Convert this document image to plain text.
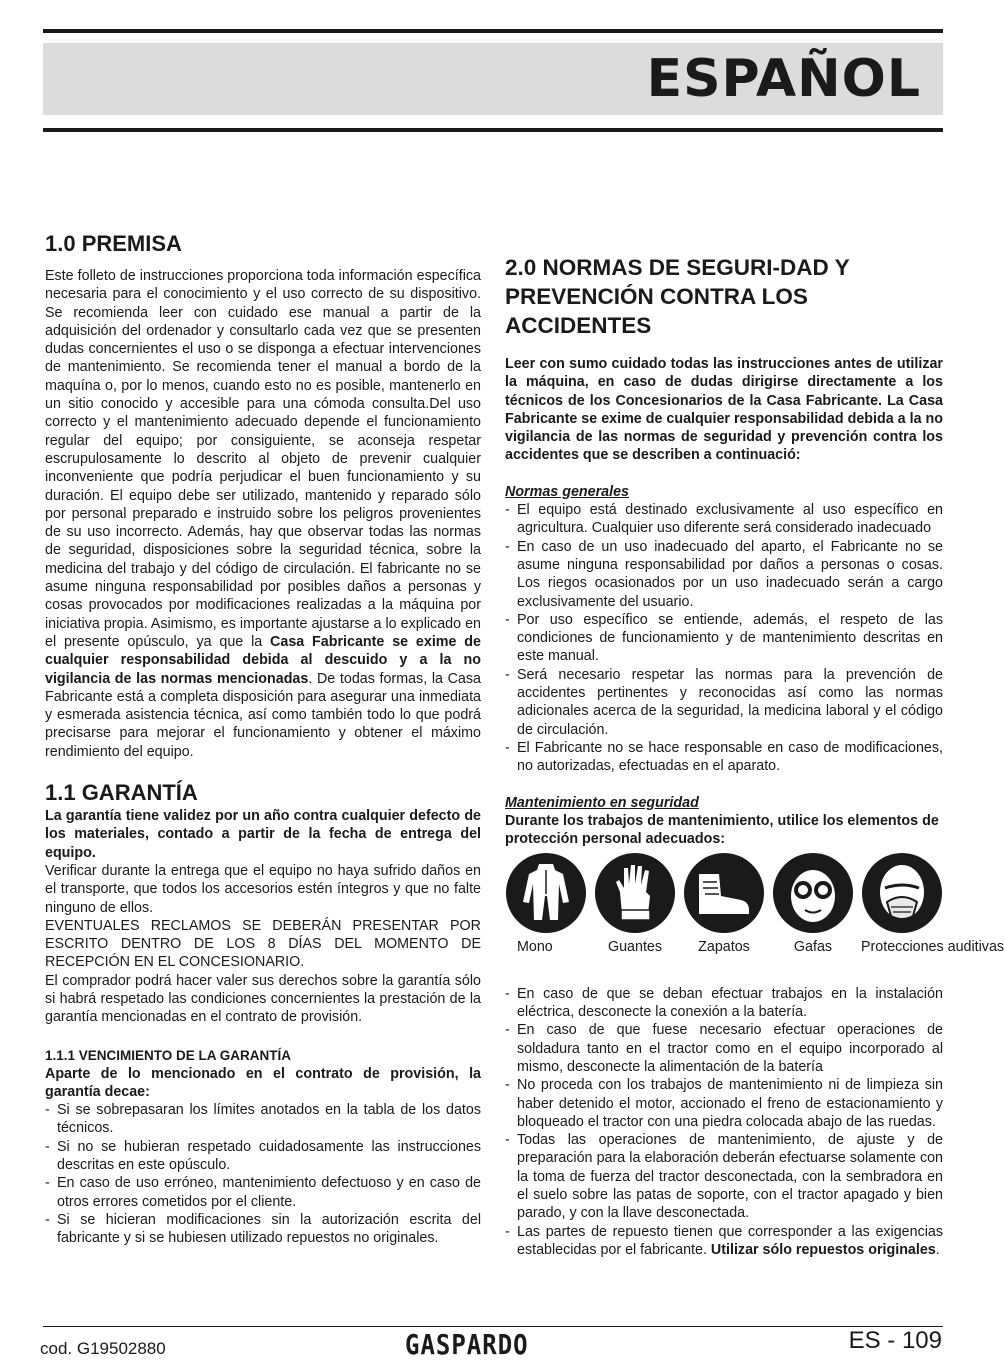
ESPAÑOL
1.0 PREMISA

Este folleto de instrucciones proporciona toda información específica necesaria para el conocimiento y el uso correcto de su dispositivo. Se recomienda leer con cuidado ese manual a partir de la adquisición del ordenador y consultarlo cada vez que se presenten dudas concernientes el uso o se disponga a efectuar intervenciones de mantenimiento. Se recomienda tener el manual a bordo de la maquína o, por lo menos, cuando esto no es posible, mantenerlo en un sitio conocido y accesible para una cómoda consulta.Del uso correcto y el mantenimiento adecuado depende el funcionamiento regular del equipo; por consiguiente, se aconseja respetar escrupulosamente lo descrito al objeto de prevenir cualquier inconveniente que podría perjudicar el buen funcionamiento y su duración. El equipo debe ser utilizado, mantenido y reparado sólo por personal preparado e instruido sobre los peligros provenientes de su uso incorrecto. Además, hay que observar todas las normas de seguridad, disposiciones sobre la seguridad técnica, sobre la medicina del trabajo y del código de circulación. El fabricante no se asume ninguna responsabilidad por posibles daños a personas y cosas provocados por modificaciones realizadas a la máquina por iniciativa propia. Asimismo, es importante ajustarse a lo explicado en el presente opúsculo, ya que la Casa Fabricante se exime de cualquier responsabilidad debida al descuido y a la no vigilancia de las normas mencionadas. De todas formas, la Casa Fabricante está a completa disposición para asegurar una inmediata y esmerada asistencia técnica, así como también todo lo que podrá precisarse para mejorar el funcionamiento y obtener el máximo rendimiento del equipo.

1.1 GARANTÍA

La garantía tiene validez por un año contra cualquier defecto de los materiales, contado a partir de la fecha de entrega del equipo.

Verificar durante la entrega que el equipo no haya sufrido daños en el transporte, que todos los accesorios estén íntegros y que no falte ninguno de ellos.

EVENTUALES RECLAMOS SE DEBERÁN PRESENTAR POR ESCRITO DENTRO DE LOS 8 DÍAS DEL MOMENTO DE RECEPCIÓN EN EL CONCESIONARIO.

El comprador podrá hacer valer sus derechos sobre la garantía sólo si habrá respetado las condiciones concernientes la prestación de la garantía mencionadas en el contrato de provisión.

1.1.1 VENCIMIENTO DE LA GARANTÍA

Aparte de lo mencionado en el contrato de provisión, la garantía decae:

- Si se sobrepasaran los límites anotados en la tabla de los datos técnicos.
- Si no se hubieran respetado cuidadosamente las instrucciones descritas en este opúsculo.
- En caso de uso erróneo, mantenimiento defectuoso y en caso de otros errores cometidos por el cliente.
- Si se hicieran modificaciones sin la autorización escrita del fabricante y si se hubiesen utilizado repuestos no originales.
2.0 NORMAS DE SEGURI-DAD Y PREVENCIÓN CONTRA LOS ACCIDENTES

Leer con sumo cuidado todas las instrucciones antes de utilizar la máquina, en caso de dudas dirigirse directamente a los técnicos de los Concesionarios de la Casa Fabricante. La Casa Fabricante se exime de cualquier responsabilidad debida a la no vigilancia de las normas de seguridad y prevención contra los accidentes que se describen a continuació:

Normas generales

- El equipo está destinado exclusivamente al uso específico en agricultura. Cualquier uso diferente será considerado inadecuado
- En caso de un uso inadecuado del aparto, el Fabricante no se asume ninguna responsabilidad por daños a personas o cosas. Los riegos ocasionados por un uso inadecuado serán a cargo exclusivamente del usuario.
- Por uso específico se entiende, además, el respeto de las condiciones de funcionamiento y de mantenimiento descritas en este manual.
- Será necesario respetar las normas para la prevención de accidentes pertinentes y reconocidas así como las normas adicionales acerca de la seguridad, la medicina laboral y el código de circulación.
- El Fabricante no se hace responsable en caso de modificaciones, no autorizadas, efectuadas en el aparato.

Mantenimiento en seguridad

Durante los trabajos de mantenimiento, utilice los elementos de protección personal adecuados:

Mono	Guantes	Zapatos	Gafas	Protecciones auditivas
- En caso de que se deban efectuar trabajos en la instalación eléctrica, desconecte la conexión a la batería.
- En caso de que fuese necesario efectuar operaciones de soldadura tanto en el tractor como en el equipo incorporado al mismo, desconecte la alimentación de la batería
- No proceda con los trabajos de mantenimiento ni de limpieza sin haber detenido el motor, accionado el freno de estacionamiento y bloqueado el tractor con una piedra colocada abajo de las ruedas.
- Todas las operaciones de mantenimiento, de ajuste y de preparación para la elaboración deberán efectuarse solamente con la toma de fuerza del tractor desconectada, con la sembradora en el suelo sobre las patas de soporte, con el tractor apagado y bien parado, y con la llave desconectada.
- Las partes de repuesto tienen que corresponder a las exigencias establecidas por el fabricante. Utilizar sólo repuestos originales.
cod. G19502880	GASPARDO	ES - 109
